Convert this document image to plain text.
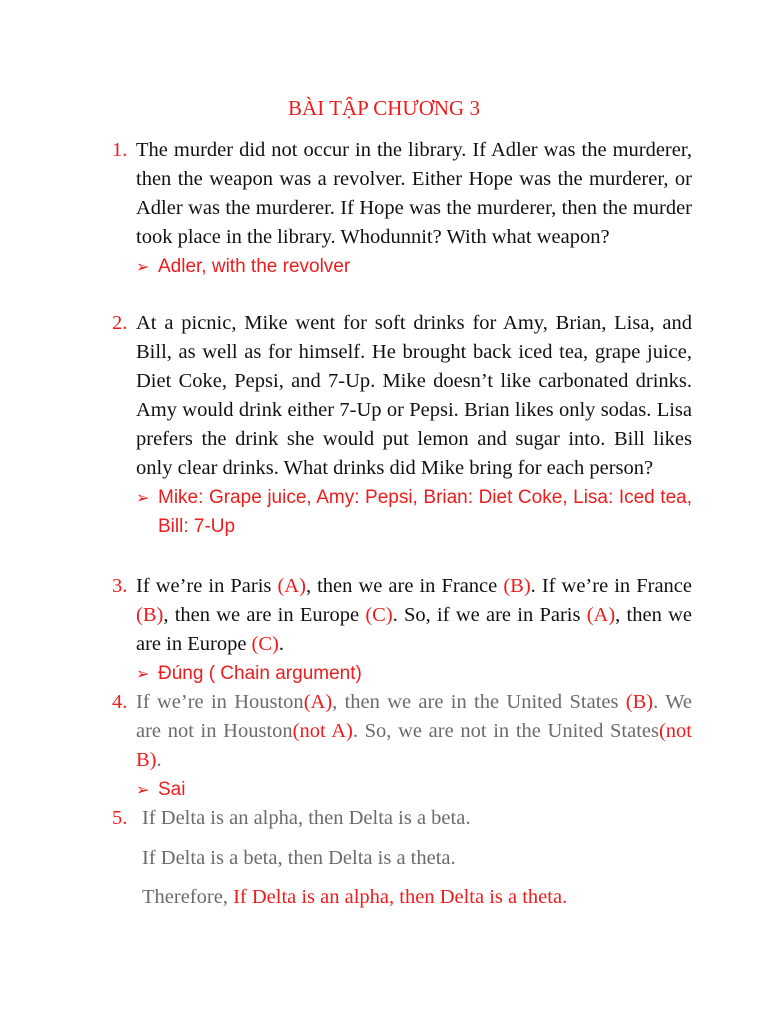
BÀI TẬP CHƯƠNG 3
1. The murder did not occur in the library. If Adler was the murderer, then the weapon was a revolver. Either Hope was the murderer, or Adler was the murderer. If Hope was the murderer, then the murder took place in the library. Whodunnit? With what weapon?
➢ Adler, with the revolver
2. At a picnic, Mike went for soft drinks for Amy, Brian, Lisa, and Bill, as well as for himself. He brought back iced tea, grape juice, Diet Coke, Pepsi, and 7-Up. Mike doesn’t like carbonated drinks. Amy would drink either 7-Up or Pepsi. Brian likes only sodas. Lisa prefers the drink she would put lemon and sugar into. Bill likes only clear drinks. What drinks did Mike bring for each person?
➢ Mike: Grape juice, Amy: Pepsi, Brian: Diet Coke, Lisa: Iced tea, Bill: 7-Up
3. If we’re in Paris (A), then we are in France (B). If we’re in France (B), then we are in Europe (C). So, if we are in Paris (A), then we are in Europe (C).
➢ Đúng ( Chain argument)
4. If we’re in Houston(A), then we are in the United States (B). We are not in Houston(not A). So, we are not in the United States(not B).
➢ Sai
5. If Delta is an alpha, then Delta is a beta.
If Delta is a beta, then Delta is a theta.
Therefore, If Delta is an alpha, then Delta is a theta.
